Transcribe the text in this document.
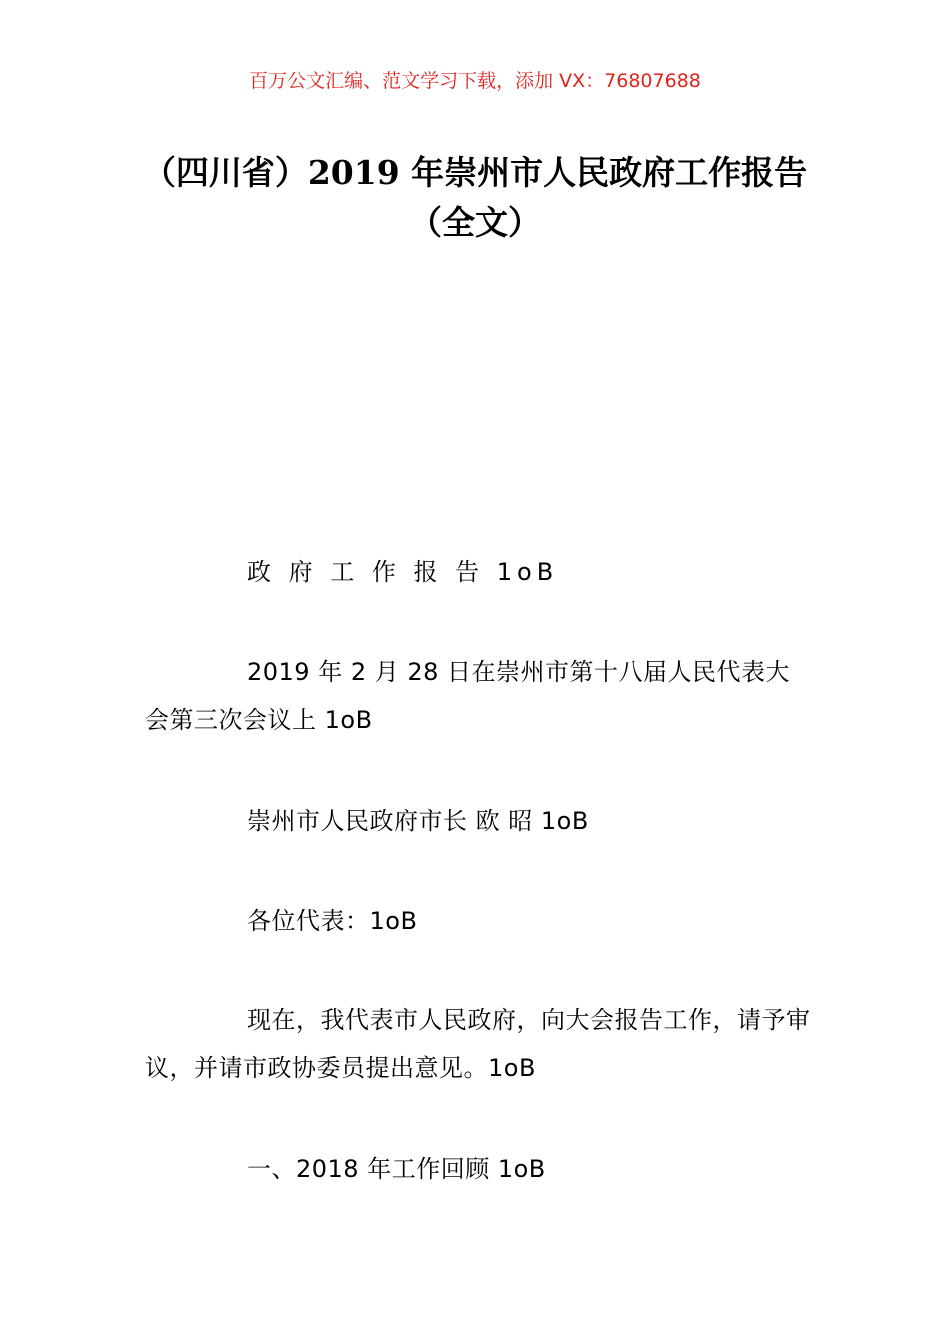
百万公文汇编、范文学习下载，添加 VX：76807688
（四川省）2019 年崇州市人民政府工作报告（全文）

政 府 工 作 报 告 1oB

2019 年 2 月 28 日在崇州市第十八届人民代表大会第三次会议上 1oB

崇州市人民政府市长 欧 昭 1oB

各位代表：1oB

现在，我代表市人民政府，向大会报告工作，请予审议，并请市政协委员提出意见。1oB

一、2018 年工作回顾 1oB
